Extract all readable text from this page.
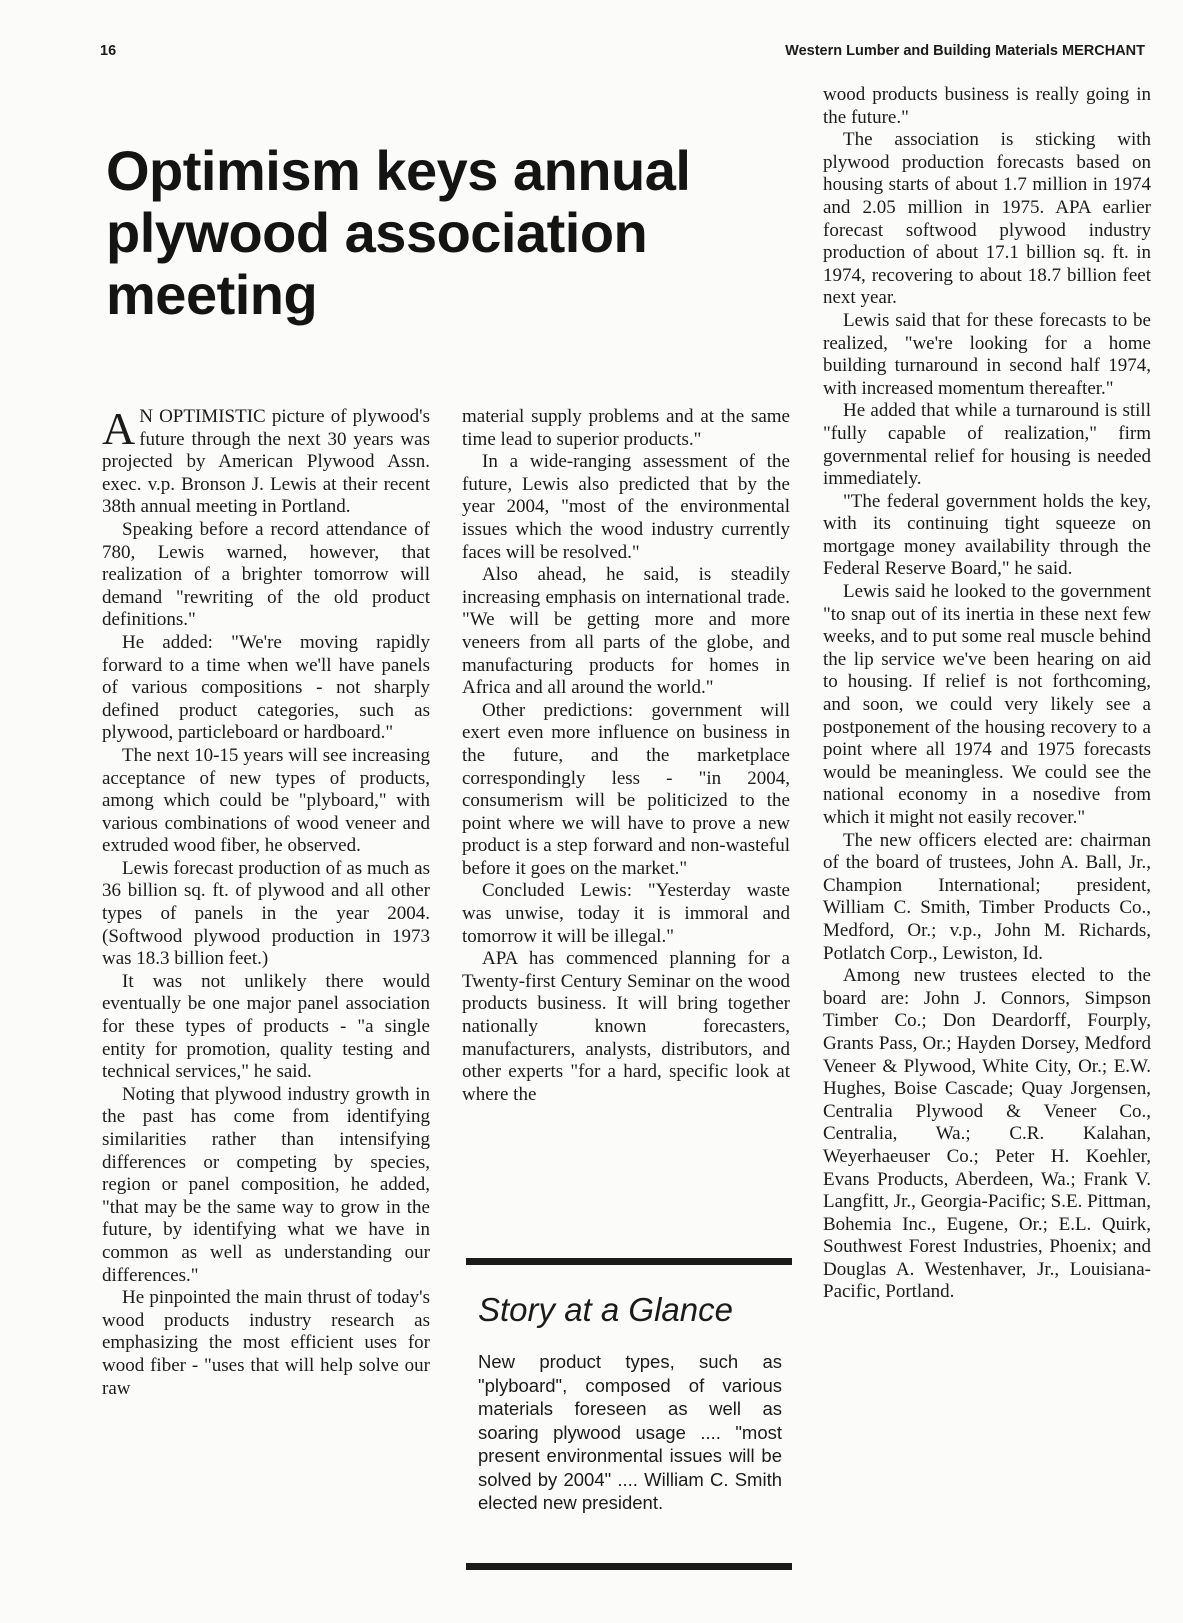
16	Western Lumber and Building Materials MERCHANT
Optimism keys annual plywood association meeting

A N OPTIMISTIC picture of plywood's future through the next 30 years was projected by American Plywood Assn. exec. v.p. Bronson J. Lewis at their recent 38th annual meeting in Portland.

Speaking before a record attendance of 780, Lewis warned, however, that realization of a brighter tomorrow will demand "rewriting of the old product definitions."

He added: "We're moving rapidly forward to a time when we'll have panels of various compositions - not sharply defined product categories, such as plywood, particleboard or hardboard."

The next 10-15 years will see increasing acceptance of new types of products, among which could be "plyboard," with various combinations of wood veneer and extruded wood fiber, he observed.

Lewis forecast production of as much as 36 billion sq. ft. of plywood and all other types of panels in the year 2004. (Softwood plywood production in 1973 was 18.3 billion feet.)

It was not unlikely there would eventually be one major panel association for these types of products - "a single entity for promotion, quality testing and technical services," he said.

Noting that plywood industry growth in the past has come from identifying similarities rather than intensifying differences or competing by species, region or panel composition, he added, "that may be the same way to grow in the future, by identifying what we have in common as well as understanding our differences."

He pinpointed the main thrust of today's wood products industry research as emphasizing the most efficient uses for wood fiber - "uses that will help solve our raw

material supply problems and at the same time lead to superior products."

In a wide-ranging assessment of the future, Lewis also predicted that by the year 2004, "most of the environmental issues which the wood industry currently faces will be resolved."

Also ahead, he said, is steadily increasing emphasis on international trade. "We will be getting more and more veneers from all parts of the globe, and manufacturing products for homes in Africa and all around the world."

Other predictions: government will exert even more influence on business in the future, and the marketplace correspondingly less - "in 2004, consumerism will be politicized to the point where we will have to prove a new product is a step forward and non-wasteful before it goes on the market."

Concluded Lewis: "Yesterday waste was unwise, today it is immoral and tomorrow it will be illegal."

APA has commenced planning for a Twenty-first Century Seminar on the wood products business. It will bring together nationally known forecasters, manufacturers, analysts, distributors, and other experts "for a hard, specific look at where the

Story at a Glance

New product types, such as "plyboard", composed of various materials foreseen as well as soaring plywood usage .... "most present environmental issues will be solved by 2004" .... William C. Smith elected new president.

wood products business is really going in the future."

The association is sticking with plywood production forecasts based on housing starts of about 1.7 million in 1974 and 2.05 million in 1975. APA earlier forecast softwood plywood industry production of about 17.1 billion sq. ft. in 1974, recovering to about 18.7 billion feet next year.

Lewis said that for these forecasts to be realized, "we're looking for a home building turnaround in second half 1974, with increased momentum thereafter."

He added that while a turnaround is still "fully capable of realization," firm governmental relief for housing is needed immediately.

"The federal government holds the key, with its continuing tight squeeze on mortgage money availability through the Federal Reserve Board," he said.

Lewis said he looked to the government "to snap out of its inertia in these next few weeks, and to put some real muscle behind the lip service we've been hearing on aid to housing. If relief is not forthcoming, and soon, we could very likely see a postponement of the housing recovery to a point where all 1974 and 1975 forecasts would be meaningless. We could see the national economy in a nosedive from which it might not easily recover."

The new officers elected are: chairman of the board of trustees, John A. Ball, Jr., Champion International; president, William C. Smith, Timber Products Co., Medford, Or.; v.p., John M. Richards, Potlatch Corp., Lewiston, Id.

Among new trustees elected to the board are: John J. Connors, Simpson Timber Co.; Don Deardorff, Fourply, Grants Pass, Or.; Hayden Dorsey, Medford Veneer & Plywood, White City, Or.; E.W. Hughes, Boise Cascade; Quay Jorgensen, Centralia Plywood & Veneer Co., Centralia, Wa.; C.R. Kalahan, Weyerhaeuser Co.; Peter H. Koehler, Evans Products, Aberdeen, Wa.; Frank V. Langfitt, Jr., Georgia-Pacific; S.E. Pittman, Bohemia Inc., Eugene, Or.; E.L. Quirk, Southwest Forest Industries, Phoenix; and Douglas A. Westenhaver, Jr., Louisiana-Pacific, Portland.
